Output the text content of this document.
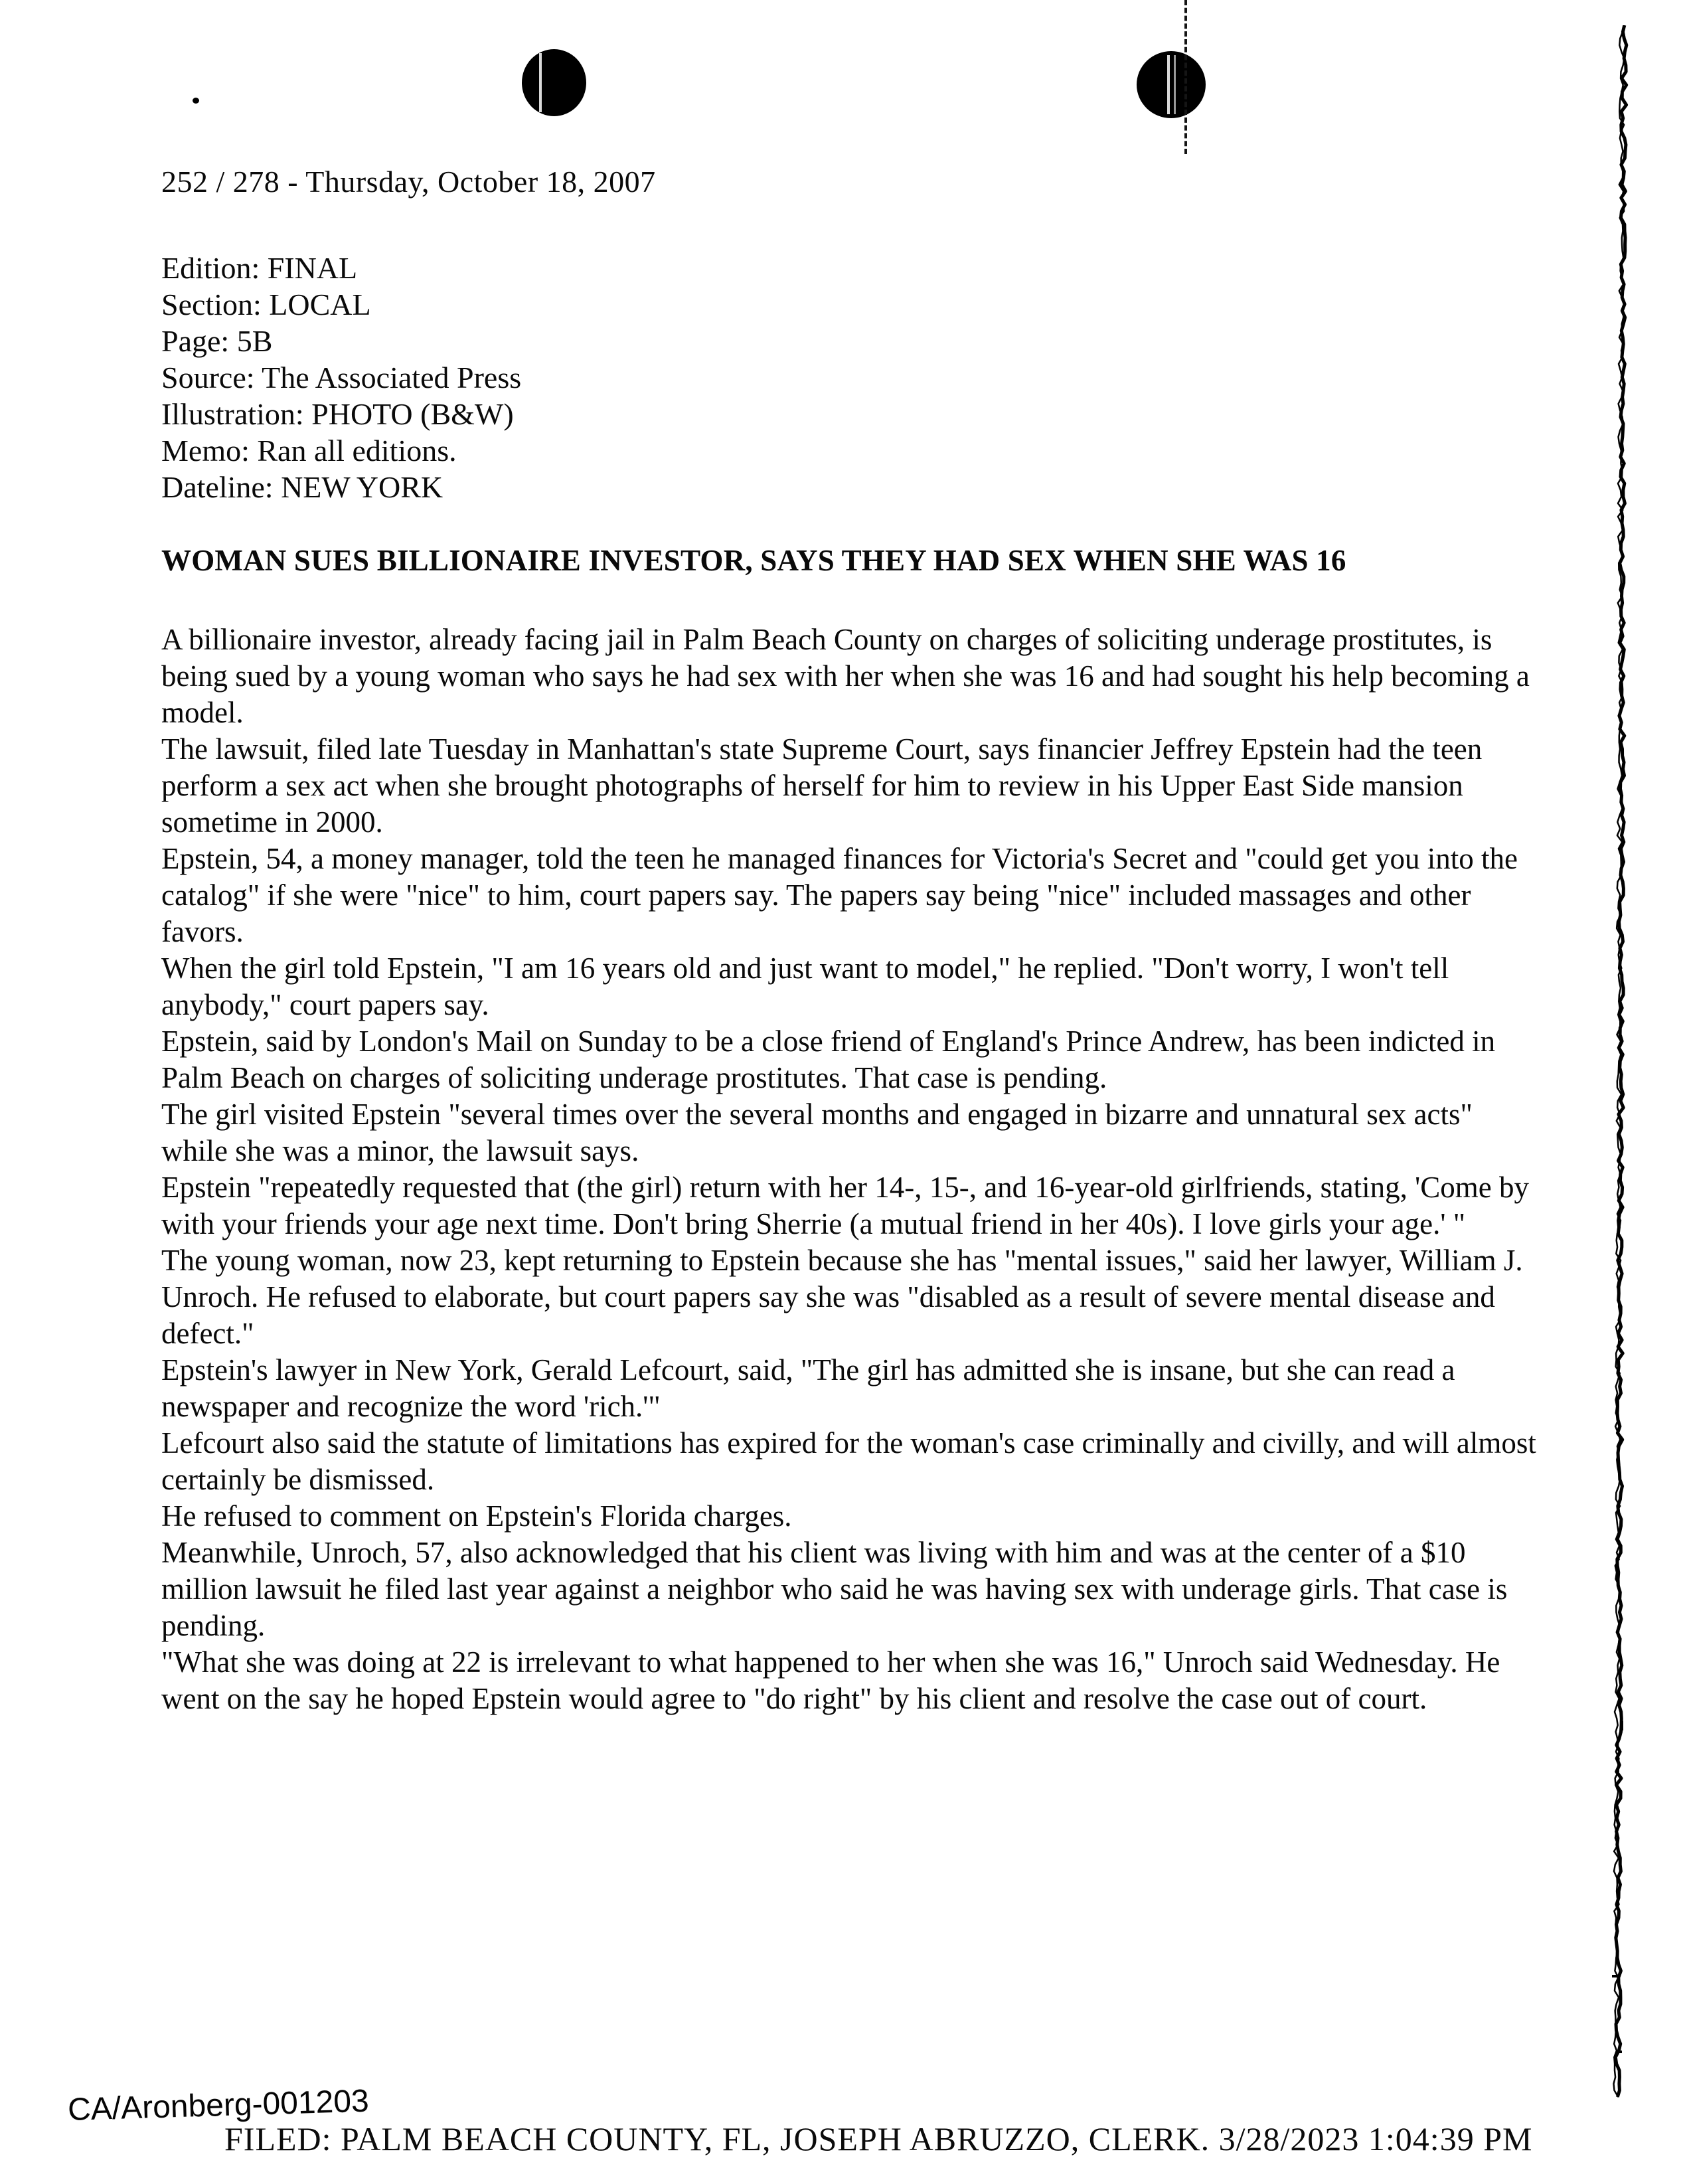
252 / 278 - Thursday, October 18, 2007
Edition: FINAL
Section: LOCAL
Page: 5B
Source: The Associated Press
Illustration: PHOTO (B&W)
Memo: Ran all editions.
Dateline: NEW YORK
WOMAN SUES BILLIONAIRE INVESTOR, SAYS THEY HAD SEX WHEN SHE WAS 16

A billionaire investor, already facing jail in Palm Beach County on charges of soliciting underage prostitutes, is being sued by a young woman who says he had sex with her when she was 16 and had sought his help becoming a model.

The lawsuit, filed late Tuesday in Manhattan's state Supreme Court, says financier Jeffrey Epstein had the teen perform a sex act when she brought photographs of herself for him to review in his Upper East Side mansion sometime in 2000.

Epstein, 54, a money manager, told the teen he managed finances for Victoria's Secret and "could get you into the catalog" if she were "nice" to him, court papers say. The papers say being "nice" included massages and other favors.

When the girl told Epstein, "I am 16 years old and just want to model," he replied. "Don't worry, I won't tell anybody," court papers say.

Epstein, said by London's Mail on Sunday to be a close friend of England's Prince Andrew, has been indicted in Palm Beach on charges of soliciting underage prostitutes. That case is pending.

The girl visited Epstein "several times over the several months and engaged in bizarre and unnatural sex acts" while she was a minor, the lawsuit says.

Epstein "repeatedly requested that (the girl) return with her 14-, 15-, and 16-year-old girlfriends, stating, 'Come by with your friends your age next time. Don't bring Sherrie (a mutual friend in her 40s). I love girls your age.' "

The young woman, now 23, kept returning to Epstein because she has "mental issues," said her lawyer, William J. Unroch. He refused to elaborate, but court papers say she was "disabled as a result of severe mental disease and defect."

Epstein's lawyer in New York, Gerald Lefcourt, said, "The girl has admitted she is insane, but she can read a newspaper and recognize the word 'rich.'"

Lefcourt also said the statute of limitations has expired for the woman's case criminally and civilly, and will almost certainly be dismissed.

He refused to comment on Epstein's Florida charges.

Meanwhile, Unroch, 57, also acknowledged that his client was living with him and was at the center of a $10 million lawsuit he filed last year against a neighbor who said he was having sex with underage girls. That case is pending.

"What she was doing at 22 is irrelevant to what happened to her when she was 16," Unroch said Wednesday. He went on the say he hoped Epstein would agree to "do right" by his client and resolve the case out of court.

CA/Aronberg-001203
FILED: PALM BEACH COUNTY, FL, JOSEPH ABRUZZO, CLERK. 3/28/2023 1:04:39 PM
